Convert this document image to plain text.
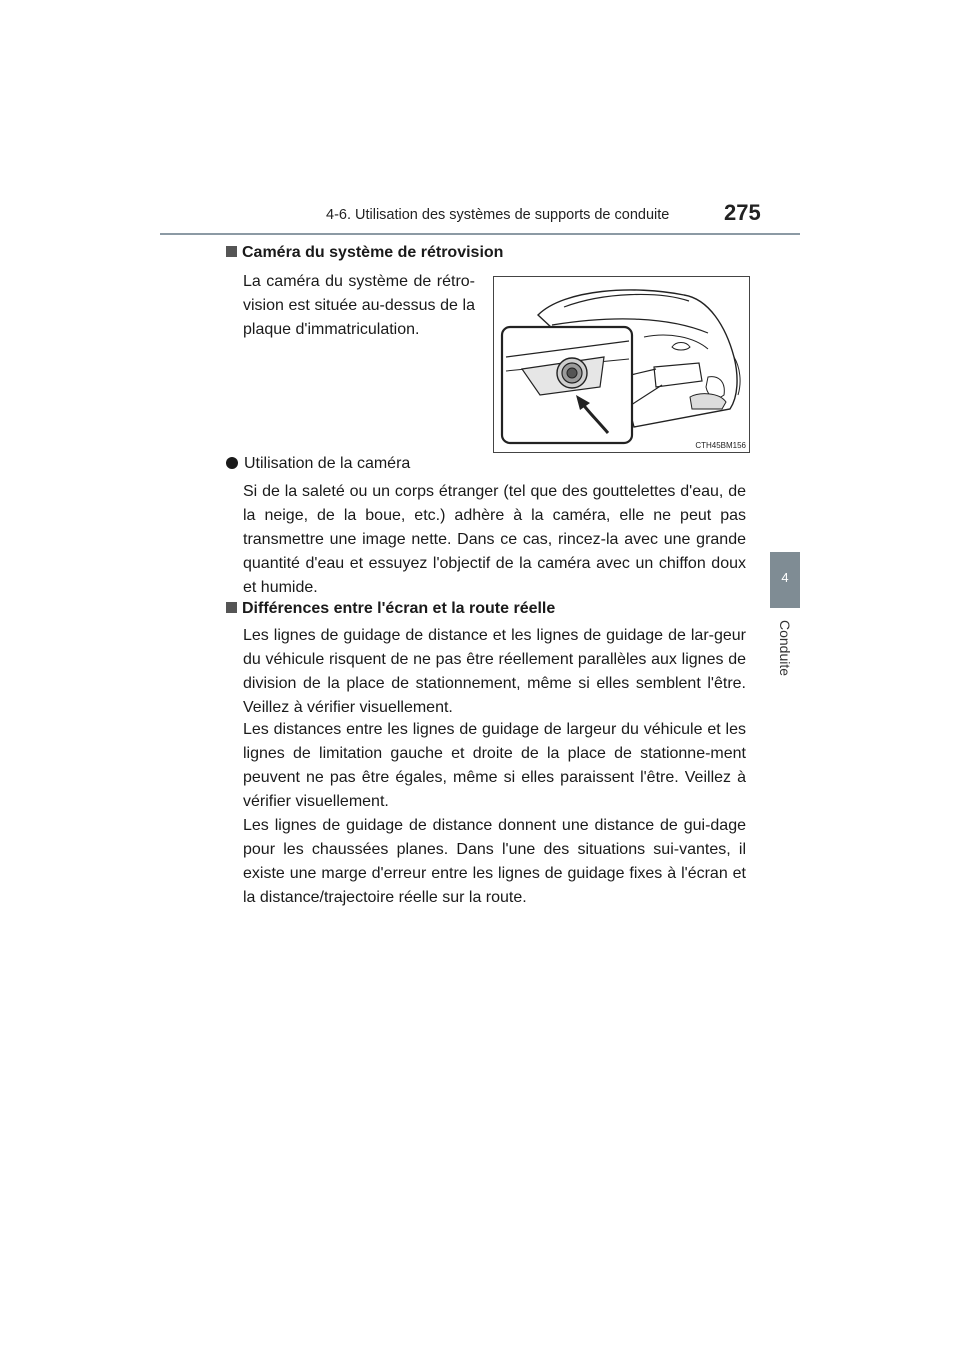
4-6. Utilisation des systèmes de supports de conduite 275
4
Conduite
Caméra du système de rétrovision

La caméra du système de rétro-vision est située au-dessus de la plaque d'immatriculation.

CTH45BM156
Utilisation de la caméra

Si de la saleté ou un corps étranger (tel que des gouttelettes d'eau, de la neige, de la boue, etc.) adhère à la caméra, elle ne peut pas transmettre une image nette. Dans ce cas, rincez-la avec une grande quantité d'eau et essuyez l'objectif de la caméra avec un chiffon doux et humide.

Différences entre l'écran et la route réelle

Les lignes de guidage de distance et les lignes de guidage de lar-geur du véhicule risquent de ne pas être réellement parallèles aux lignes de division de la place de stationnement, même si elles semblent l'être. Veillez à vérifier visuellement.

Les distances entre les lignes de guidage de largeur du véhicule et les lignes de limitation gauche et droite de la place de stationne-ment peuvent ne pas être égales, même si elles paraissent l'être. Veillez à vérifier visuellement.

Les lignes de guidage de distance donnent une distance de gui-dage pour les chaussées planes. Dans l'une des situations sui-vantes, il existe une marge d'erreur entre les lignes de guidage fixes à l'écran et la distance/trajectoire réelle sur la route.
